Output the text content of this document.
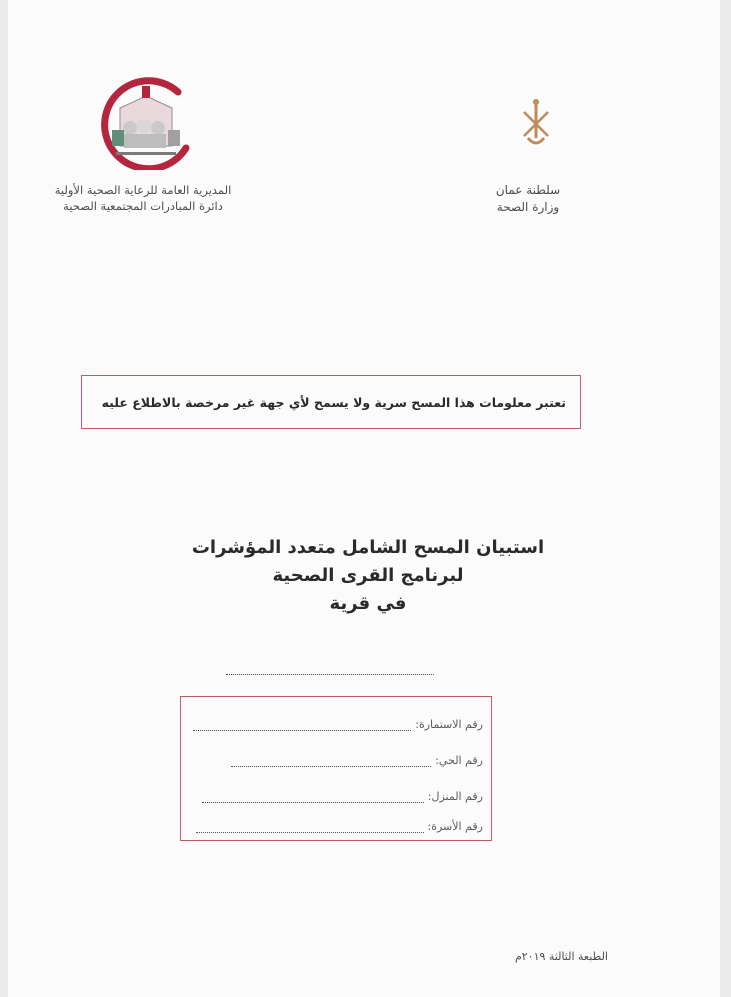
المديرية العامة للرعاية الصحية الأولية
دائرة المبادرات المجتمعية الصحية
سلطنة عمان
وزارة الصحة
تعتبر معلومات هذا المسح سرية ولا يسمح لأي جهة غير مرخصة بالاطلاع عليه
استبيان المسح الشامل متعدد المؤشرات
لبرنامج القرى الصحية
في قرية
رقم الاستمارة:
رقم الحي:
رقم المنزل:
رقم الأسرة:
الطبعة الثالثة ٢٠١٩م
